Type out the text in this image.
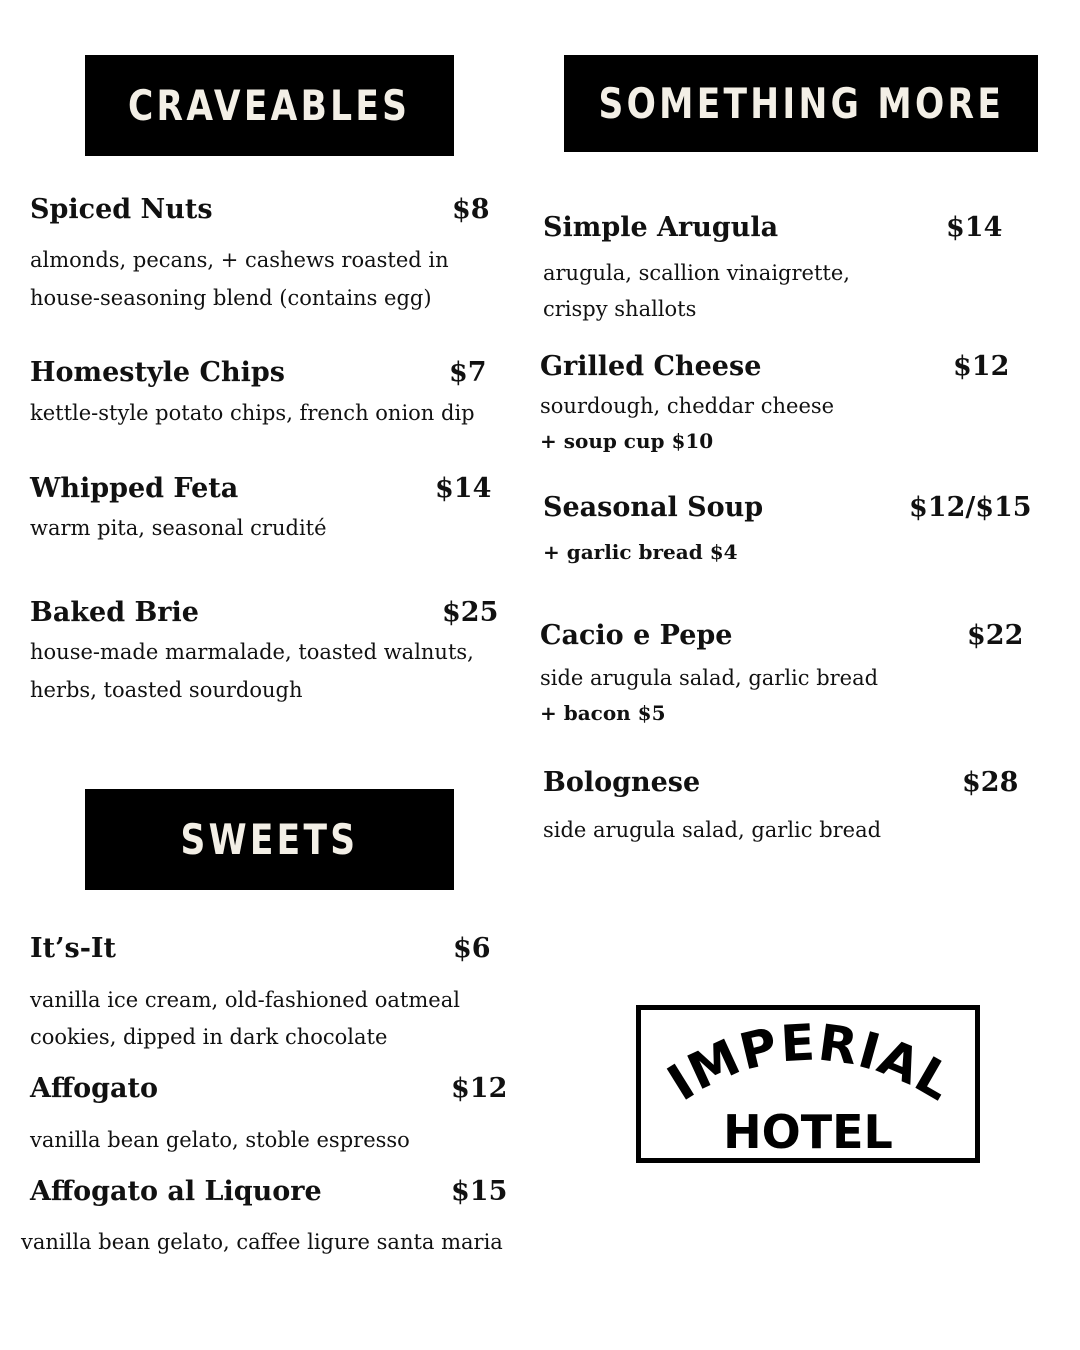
CRAVEABLES	SOMETHING MORE
SWEETS
Spiced Nuts	$8
almonds, pecans, + cashews roasted in
house-seasoning blend (contains egg)
Homestyle Chips	$7
kettle-style potato chips, french onion dip
Whipped Feta	$14
warm pita, seasonal crudité
Baked Brie	$25
house-made marmalade, toasted walnuts,
herbs, toasted sourdough
Simple Arugula	$14
arugula, scallion vinaigrette,
crispy shallots
Grilled Cheese	$12
sourdough, cheddar cheese
+ soup cup $10
Seasonal Soup	$12/$15
+ garlic bread $4
Cacio e Pepe	$22
side arugula salad, garlic bread
+ bacon $5
Bolognese	$28
side arugula salad, garlic bread
It’s-It	$6
vanilla ice cream, old-fashioned oatmeal
cookies, dipped in dark chocolate
Affogato	$12
vanilla bean gelato, stoble espresso
Affogato al Liquore	$15
vanilla bean gelato, caffee ligure santa maria
IMPERIAL
HOTEL
